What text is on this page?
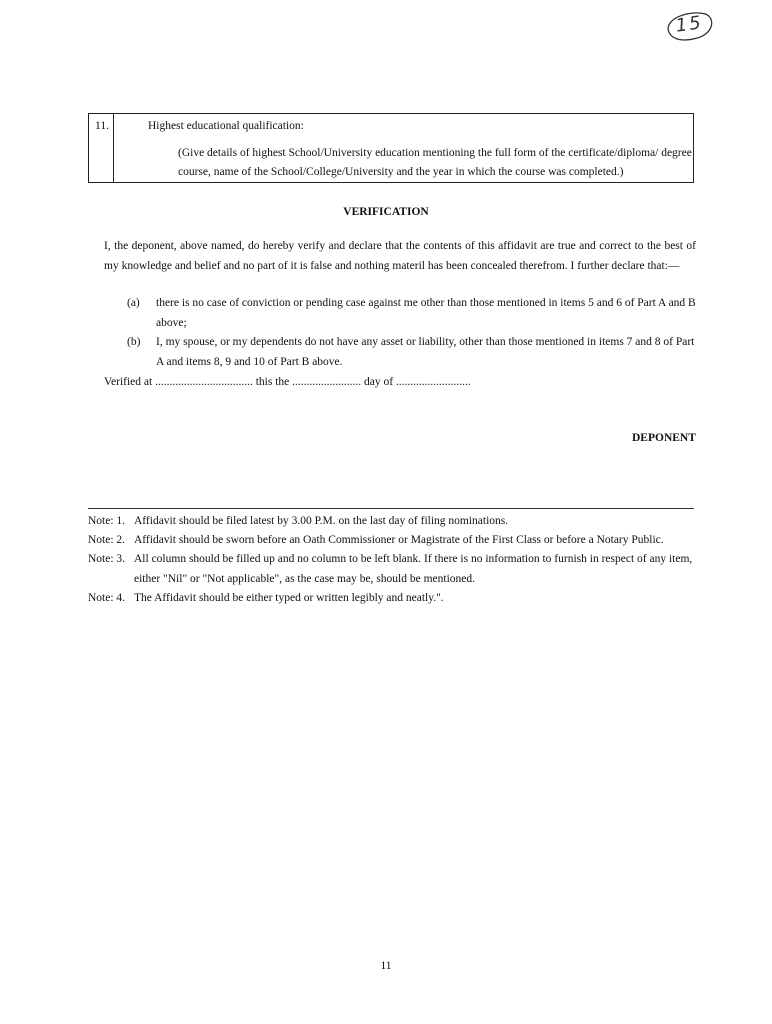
15
11.	Highest educational qualification:
(Give details of highest School/University education mentioning the full form of the certificate/diploma/ degree course, name of the School/College/University and the year in which the course was completed.)
VERIFICATION
I, the deponent, above named, do hereby verify and declare that the contents of this affidavit are true and correct to the best of my knowledge and belief and no part of it is false and nothing materil has been concealed therefrom. I further declare that:—
(a) there is no case of conviction or pending case against me other than those mentioned in items 5 and 6 of Part A and B above;
(b) I, my spouse, or my dependents do not have any asset or liability, other than those mentioned in items 7 and 8 of Part A and items 8, 9 and 10 of Part B above.
Verified at .................................. this the ........................ day of ..........................
DEPONENT
Note: 1. Affidavit should be filed latest by 3.00 P.M. on the last day of filing nominations.
Note: 2. Affidavit should be sworn before an Oath Commissioner or Magistrate of the First Class or before a Notary Public.
Note: 3. All column should be filled up and no column to be left blank. If there is no information to furnish in respect of any item, either "Nil" or "Not applicable", as the case may be, should be mentioned.
Note: 4. The Affidavit should be either typed or written legibly and neatly.".
11
